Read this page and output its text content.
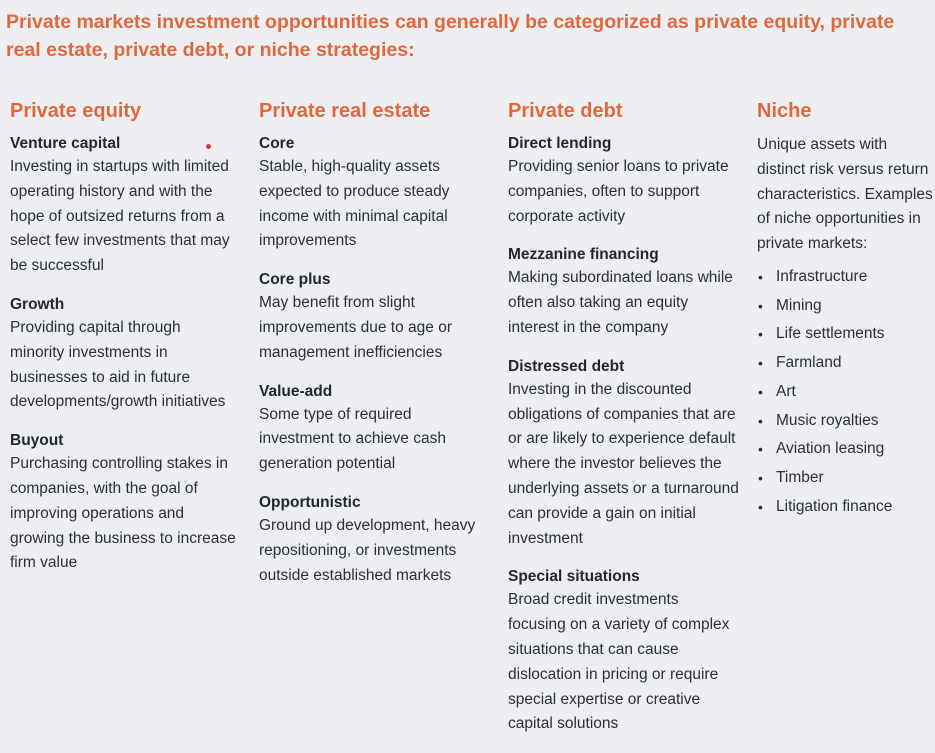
Private markets investment opportunities can generally be categorized as private equity, private real estate, private debt, or niche strategies:
Private equity
Venture capital
Investing in startups with limited operating history and with the hope of outsized returns from a select few investments that may be successful
Growth
Providing capital through minority investments in businesses to aid in future developments/growth initiatives
Buyout
Purchasing controlling stakes in companies, with the goal of improving operations and growing the business to increase firm value
Private real estate
Core
Stable, high-quality assets expected to produce steady income with minimal capital improvements
Core plus
May benefit from slight improvements due to age or management inefficiencies
Value-add
Some type of required investment to achieve cash generation potential
Opportunistic
Ground up development, heavy repositioning, or investments outside established markets
Private debt
Direct lending
Providing senior loans to private companies, often to support corporate activity
Mezzanine financing
Making subordinated loans while often also taking an equity interest in the company
Distressed debt
Investing in the discounted obligations of companies that are or are likely to experience default where the investor believes the underlying assets or a turnaround can provide a gain on initial investment
Special situations
Broad credit investments focusing on a variety of complex situations that can cause dislocation in pricing or require special expertise or creative capital solutions
Niche
Unique assets with distinct risk versus return characteristics. Examples of niche opportunities in private markets:
• Infrastructure
• Mining
• Life settlements
• Farmland
• Art
• Music royalties
• Aviation leasing
• Timber
• Litigation finance
